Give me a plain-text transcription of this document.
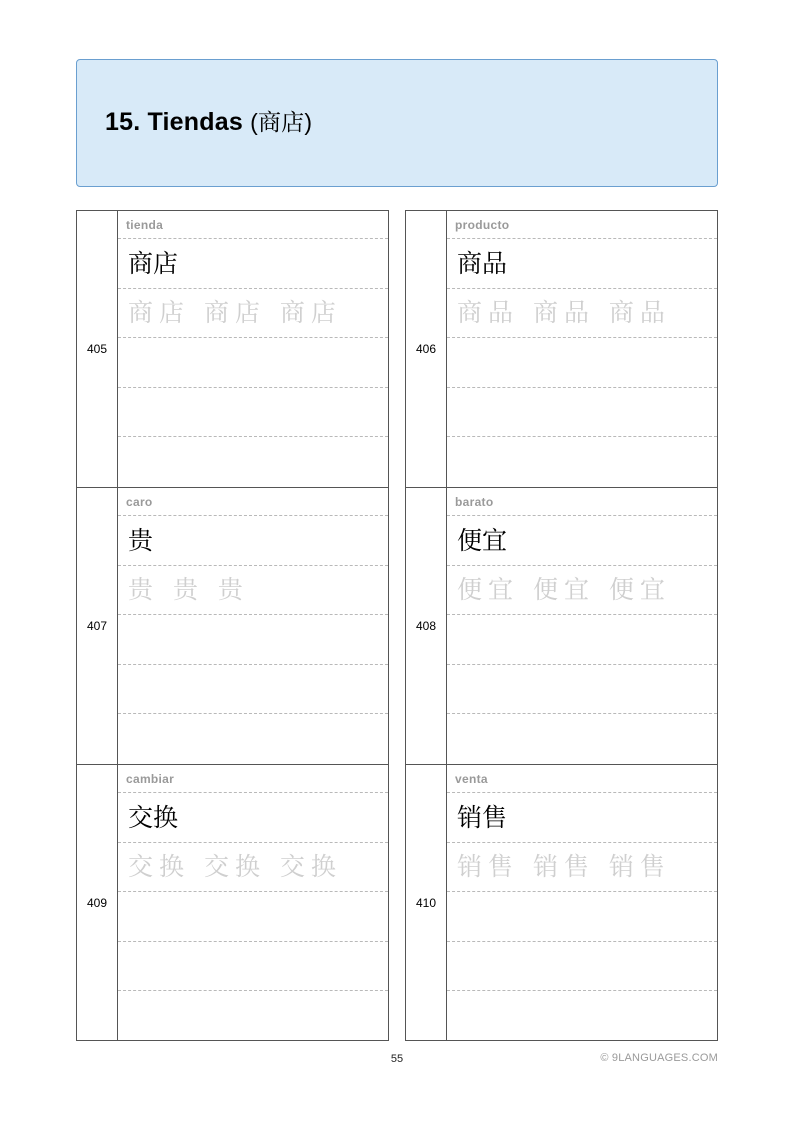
15. Tiendas (商店)
405
tienda
商店
商店 商店 商店
406
producto
商品
商品 商品 商品
407
caro
贵
贵 贵 贵
408
barato
便宜
便宜 便宜 便宜
409
cambiar
交换
交换 交换 交换
410
venta
销售
销售 销售 销售
55	© 9LANGUAGES.COM
